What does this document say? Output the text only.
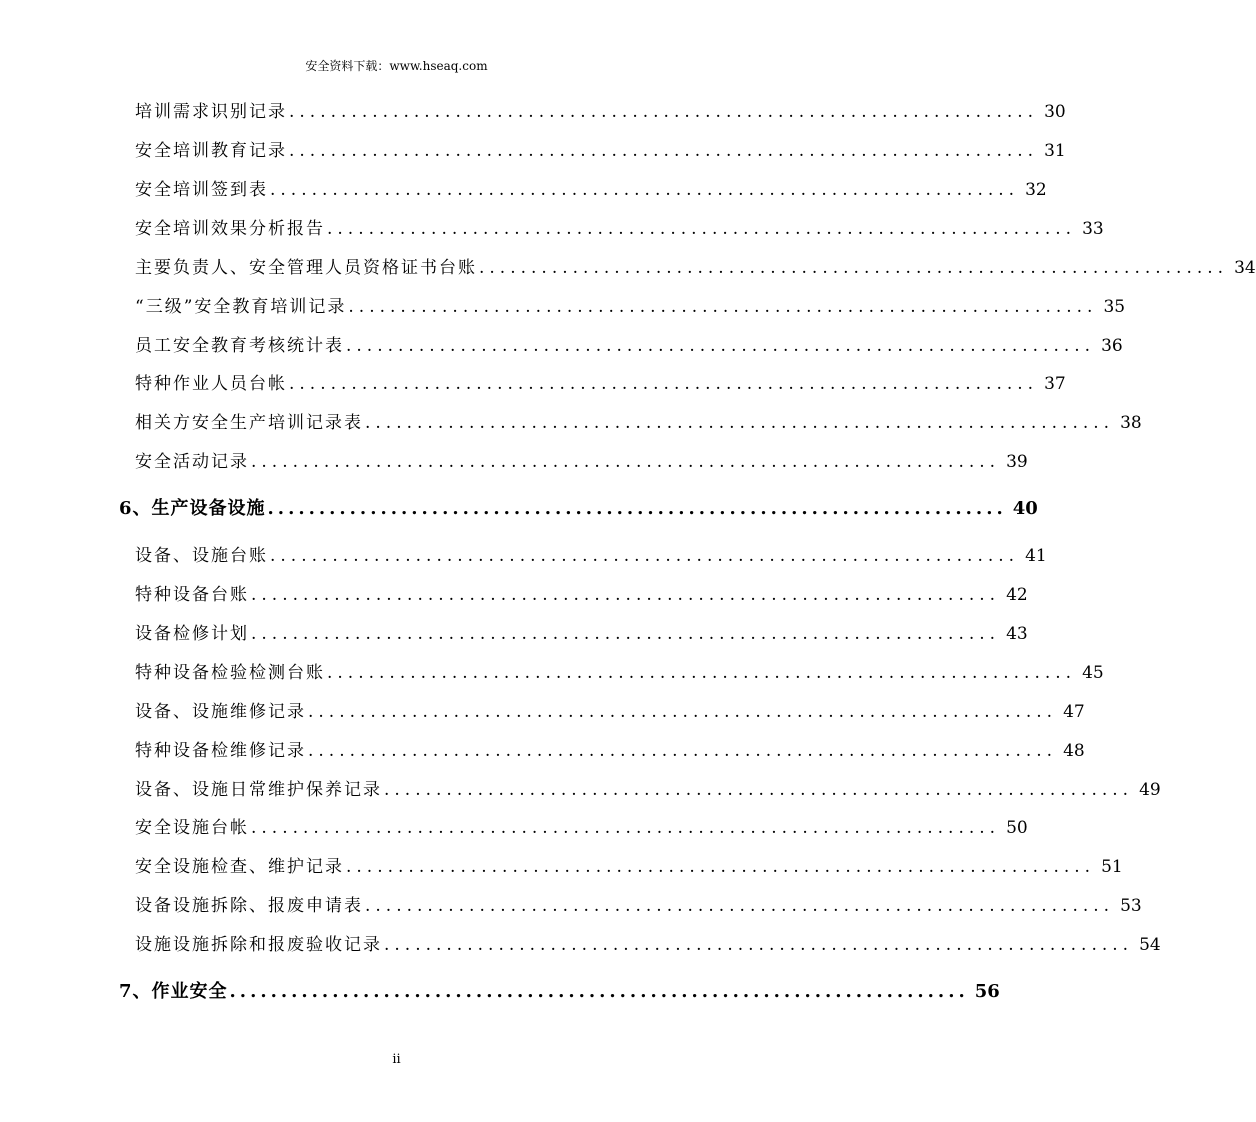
安全资料下载：www.hseaq.com
培训需求识别记录 ........................................................................ 30
安全培训教育记录 ........................................................................ 31
安全培训签到表 ........................................................................ 32
安全培训效果分析报告 ........................................................................ 33
主要负责人、安全管理人员资格证书台账 ........................................................................ 34
“三级”安全教育培训记录 ........................................................................ 35
员工安全教育考核统计表 ........................................................................ 36
特种作业人员台帐 ........................................................................ 37
相关方安全生产培训记录表 ........................................................................ 38
安全活动记录 ........................................................................ 39
6、生产设备设施 ........................................................................ 40
设备、设施台账 ........................................................................ 41
特种设备台账 ........................................................................ 42
设备检修计划 ........................................................................ 43
特种设备检验检测台账 ........................................................................ 45
设备、设施维修记录 ........................................................................ 47
特种设备检维修记录 ........................................................................ 48
设备、设施日常维护保养记录 ........................................................................ 49
安全设施台帐 ........................................................................ 50
安全设施检查、维护记录 ........................................................................ 51
设备设施拆除、报废申请表 ........................................................................ 53
设施设施拆除和报废验收记录 ........................................................................ 54
7、作业安全 ........................................................................ 56
ii
